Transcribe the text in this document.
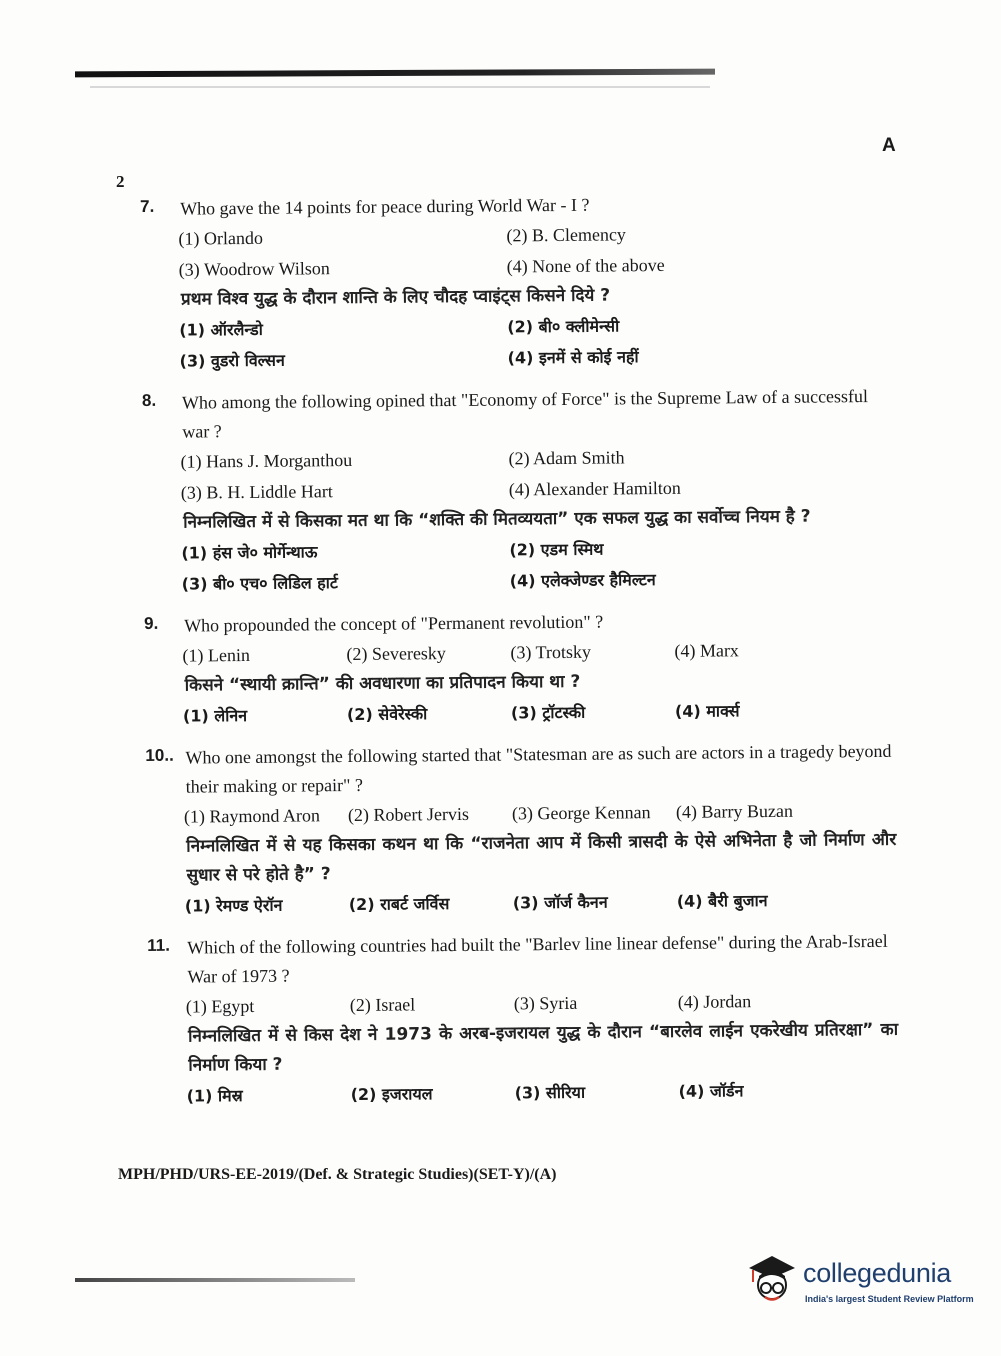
A
2
7. Who gave the 14 points for peace during World War - I ?
(1) Orlando	(2) B. Clemency
(3) Woodrow Wilson	(4) None of the above
प्रथम विश्व युद्ध के दौरान शान्ति के लिए चौदह प्वाइंट्स किसने दिये ?
(1) ऑरलैन्डो	(2) बी० क्लीमेन्सी
(3) वुडरो विल्सन	(4) इनमें से कोई नहीं
8. Who among the following opined that "Economy of Force" is the Supreme Law of a successful war ?
(1) Hans J. Morganthou	(2) Adam Smith
(3) B. H. Liddle Hart	(4) Alexander Hamilton
निम्नलिखित में से किसका मत था कि “शक्ति की मितव्ययता” एक सफल युद्ध का सर्वोच्च नियम है ?
(1) हंस जे० मोर्गेन्थाऊ	(2) एडम स्मिथ
(3) बी० एच० लिडिल हार्ट	(4) एलेक्जेण्डर हैमिल्टन
9. Who propounded the concept of "Permanent revolution" ?
(1) Lenin	(2) Severesky	(3) Trotsky	(4) Marx
किसने “स्थायी क्रान्ति” की अवधारणा का प्रतिपादन किया था ?
(1) लेनिन	(2) सेवेरेस्की	(3) ट्रॉटस्की	(4) मार्क्स
10.. Who one amongst the following started that "Statesman are as such are actors in a tragedy beyond their making or repair" ?
(1) Raymond Aron	(2) Robert Jervis	(3) George Kennan	(4) Barry Buzan
निम्नलिखित में से यह किसका कथन था कि “राजनेता आप में किसी त्रासदी के ऐसे अभिनेता है जो निर्माण और सुधार से परे होते है” ?
(1) रेमण्ड ऐरॉन	(2) राबर्ट जर्विस	(3) जॉर्ज कैनन	(4) बैरी बुजान
11. Which of the following countries had built the "Barlev line linear defense" during the Arab-Israel War of 1973 ?
(1) Egypt	(2) Israel	(3) Syria	(4) Jordan
निम्नलिखित में से किस देश ने 1973 के अरब-इजरायल युद्ध के दौरान “बारलेव लाईन एकरेखीय प्रतिरक्षा” का निर्माण किया ?
(1) मिस्र	(2) इजरायल	(3) सीरिया	(4) जॉर्डन
MPH/PHD/URS-EE-2019/(Def. & Strategic Studies)(SET-Y)/(A)
collegedunia
India's largest Student Review Platform
